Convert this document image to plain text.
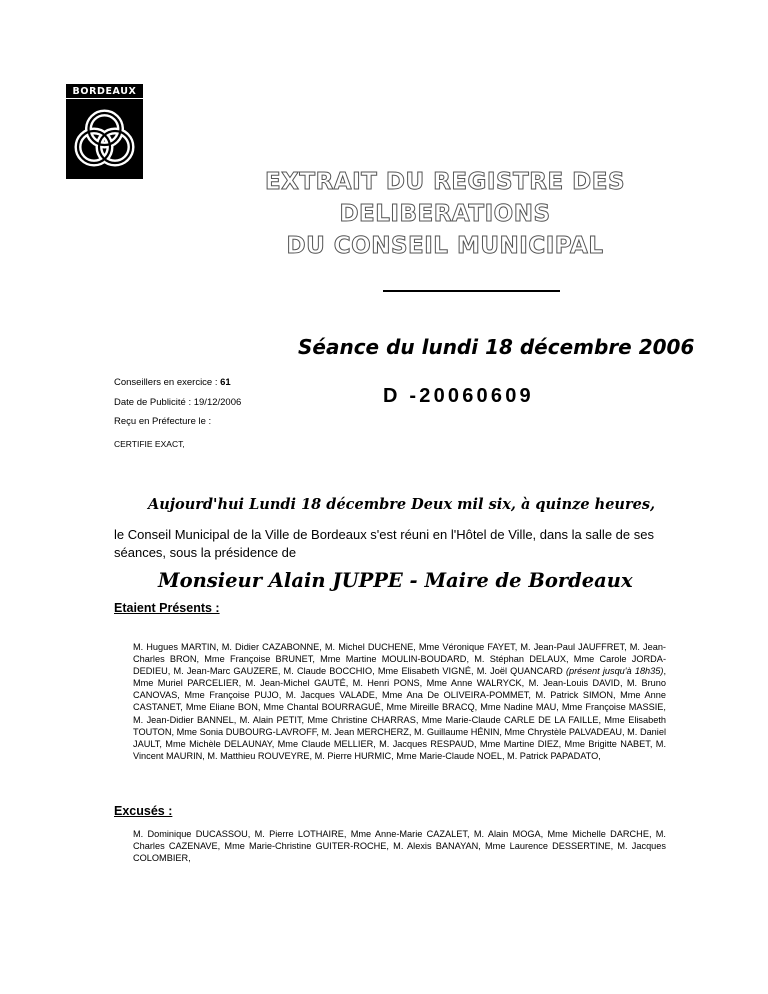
BORDEAUX
EXTRAIT DU REGISTRE DES
DELIBERATIONS
DU CONSEIL MUNICIPAL
Séance du lundi 18 décembre 2006
Conseillers en exercice : 61
Date de Publicité : 19/12/2006
Reçu en Préfecture le :
CERTIFIE EXACT,
D -20060609
Aujourd'hui Lundi 18 décembre Deux mil six, à quinze heures,
le Conseil Municipal de la Ville de Bordeaux s'est réuni en l'Hôtel de Ville, dans la salle de ses séances, sous la présidence de
Monsieur Alain JUPPE - Maire de Bordeaux
Etaient Présents :
M. Hugues MARTIN, M. Didier CAZABONNE, M. Michel DUCHENE, Mme Véronique FAYET, M. Jean-Paul JAUFFRET, M. Jean-Charles BRON, Mme Françoise BRUNET, Mme Martine MOULIN-BOUDARD, M. Stéphan DELAUX, Mme Carole JORDA-DEDIEU, M. Jean-Marc GAUZERE, M. Claude BOCCHIO, Mme Elisabeth VIGNÉ, M. Joël QUANCARD (présent jusqu'à 18h35), Mme Muriel PARCELIER, M. Jean-Michel GAUTÉ, M. Henri PONS, Mme Anne WALRYCK, M. Jean-Louis DAVID, M. Bruno CANOVAS, Mme Françoise PUJO, M. Jacques VALADE, Mme Ana De OLIVEIRA-POMMET, M. Patrick SIMON, Mme Anne CASTANET, Mme Eliane BON, Mme Chantal BOURRAGUÉ, Mme Mireille BRACQ, Mme Nadine MAU, Mme Françoise MASSIE, M. Jean-Didier BANNEL, M. Alain PETIT, Mme Christine CHARRAS, Mme Marie-Claude CARLE DE LA FAILLE, Mme Elisabeth TOUTON, Mme Sonia DUBOURG-LAVROFF, M. Jean MERCHERZ, M. Guillaume HÉNIN, Mme Chrystèle PALVADEAU, M. Daniel JAULT, Mme Michèle DELAUNAY, Mme Claude MELLIER, M. Jacques RESPAUD, Mme Martine DIEZ, Mme Brigitte NABET, M. Vincent MAURIN, M. Matthieu ROUVEYRE, M. Pierre HURMIC, Mme Marie-Claude NOEL, M. Patrick PAPADATO,
Excusés :
M. Dominique DUCASSOU, M. Pierre LOTHAIRE, Mme Anne-Marie CAZALET, M. Alain MOGA, Mme Michelle DARCHE, M. Charles CAZENAVE, Mme Marie-Christine GUITER-ROCHE, M. Alexis BANAYAN, Mme Laurence DESSERTINE, M. Jacques COLOMBIER,
